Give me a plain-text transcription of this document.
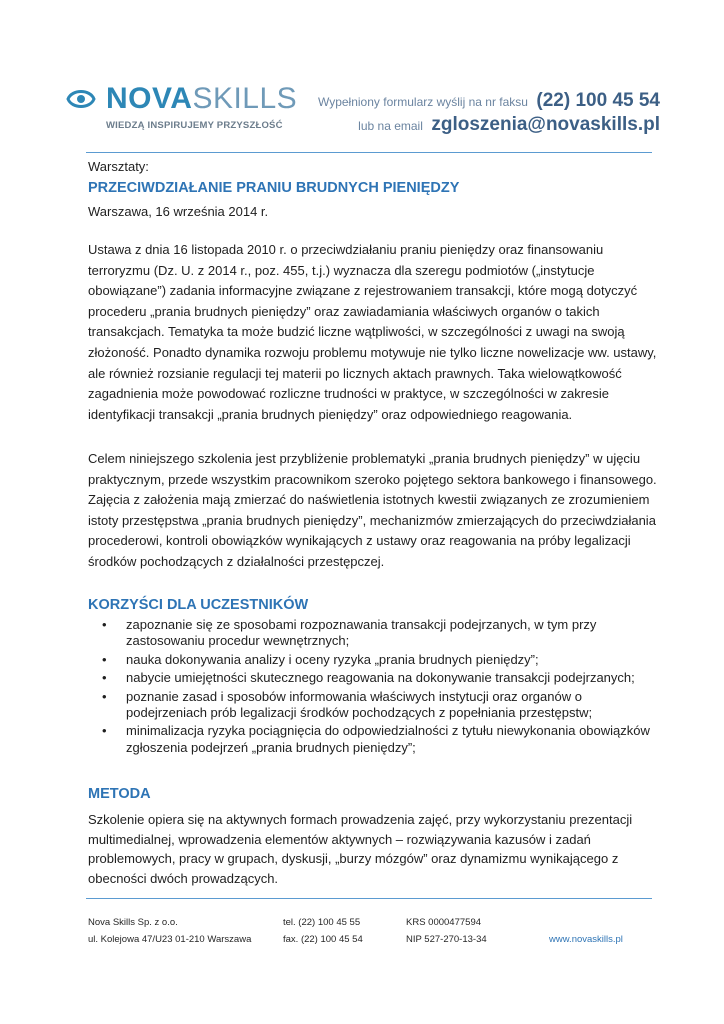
NOVASKILLS
WIEDZĄ INSPIRUJEMY PRZYSZŁOŚĆ
Wypełniony formularz wyślij na nr faksu (22) 100 45 54
lub na email zgloszenia@novaskills.pl
Warsztaty:
PRZECIWDZIAŁANIE PRANIU BRUDNYCH PIENIĘDZY
Warszawa, 16 września 2014 r.
Ustawa z dnia 16 listopada 2010 r. o przeciwdziałaniu praniu pieniędzy oraz finansowaniu
terroryzmu (Dz. U. z 2014 r., poz. 455, t.j.) wyznacza dla szeregu podmiotów („instytucje
obowiązane”) zadania informacyjne związane z rejestrowaniem transakcji, które mogą dotyczyć
procederu „prania brudnych pieniędzy” oraz zawiadamiania właściwych organów o takich
transakcjach. Tematyka ta może budzić liczne wątpliwości, w szczególności z uwagi na swoją
złożoność. Ponadto dynamika rozwoju problemu motywuje nie tylko liczne nowelizacje ww. ustawy,
ale również rozsianie regulacji tej materii po licznych aktach prawnych. Taka wielowątkowość
zagadnienia może powodować rozliczne trudności w praktyce, w szczególności w zakresie
identyfikacji transakcji „prania brudnych pieniędzy” oraz odpowiedniego reagowania.
Celem niniejszego szkolenia jest przybliżenie problematyki „prania brudnych pieniędzy” w ujęciu
praktycznym, przede wszystkim pracownikom szeroko pojętego sektora bankowego i finansowego.
Zajęcia z założenia mają zmierzać do naświetlenia istotnych kwestii związanych ze zrozumieniem
istoty przestępstwa „prania brudnych pieniędzy”, mechanizmów zmierzających do przeciwdziałania
procederowi, kontroli obowiązków wynikających z ustawy oraz reagowania na próby legalizacji
środków pochodzących z działalności przestępczej.
KORZYŚCI DLA UCZESTNIKÓW
• zapoznanie się ze sposobami rozpoznawania transakcji podejrzanych, w tym przy
zastosowaniu procedur wewnętrznych;
• nauka dokonywania analizy i oceny ryzyka „prania brudnych pieniędzy”;
• nabycie umiejętności skutecznego reagowania na dokonywanie transakcji podejrzanych;
• poznanie zasad i sposobów informowania właściwych instytucji oraz organów o
podejrzeniach prób legalizacji środków pochodzących z popełniania przestępstw;
• minimalizacja ryzyka pociągnięcia do odpowiedzialności z tytułu niewykonania obowiązków
zgłoszenia podejrzeń „prania brudnych pieniędzy”;
METODA
Szkolenie opiera się na aktywnych formach prowadzenia zajęć, przy wykorzystaniu prezentacji
multimedialnej, wprowadzenia elementów aktywnych – rozwiązywania kazusów i zadań
problemowych, pracy w grupach, dyskusji, „burzy mózgów” oraz dynamizmu wynikającego z
obecności dwóch prowadzących.
Nova Skills Sp. z o.o.
ul. Kolejowa 47/U23 01-210 Warszawa
tel. (22) 100 45 55
fax. (22) 100 45 54
KRS 0000477594
NIP 527-270-13-34	www.novaskills.pl
